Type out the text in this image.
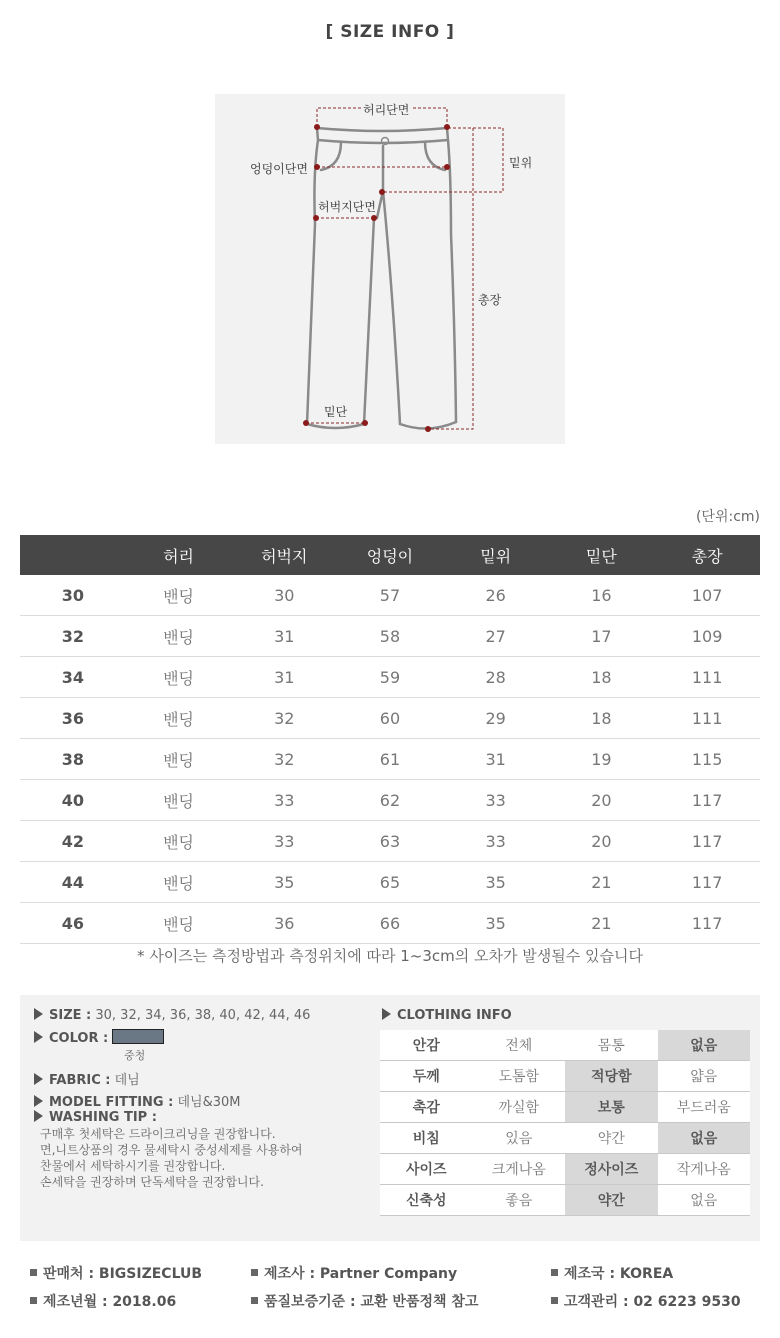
[ SIZE INFO ]
허리단면
엉덩이단면
허벅지단면
밑위
총장
밑단
(단위:cm)
	허리	허벅지	엉덩이	밑위	밑단	총장
30	밴딩	30	57	26	16	107
32	밴딩	31	58	27	17	109
34	밴딩	31	59	28	18	111
36	밴딩	32	60	29	18	111
38	밴딩	32	61	31	19	115
40	밴딩	33	62	33	20	117
42	밴딩	33	63	33	20	117
44	밴딩	35	65	35	21	117
46	밴딩	36	66	35	21	117
* 사이즈는 측정방법과 측정위치에 따라 1~3cm의 오차가 발생될수 있습니다
SIZE : 30, 32, 34, 36, 38, 40, 42, 44, 46
COLOR :
중청
FABRIC : 데님
MODEL FITTING : 데님&30M
WASHING TIP :
구매후 첫세탁은 드라이크리닝을 권장합니다.
면,니트상품의 경우 물세탁시 중성세제를 사용하여
찬물에서 세탁하시기를 권장합니다.
손세탁을 권장하며 단독세탁을 권장합니다.
CLOTHING INFO
안감	전체	몸통	없음
두께	도톰함	적당함	얇음
촉감	까실함	보통	부드러움
비침	있음	약간	없음
사이즈	크게나옴	정사이즈	작게나옴
신축성	좋음	약간	없음
판매처 : BIGSIZECLUB	제조사 : Partner Company	제조국 : KOREA
제조년월 : 2018.06	품질보증기준 : 교환 반품정책 참고	고객관리 : 02 6223 9530
